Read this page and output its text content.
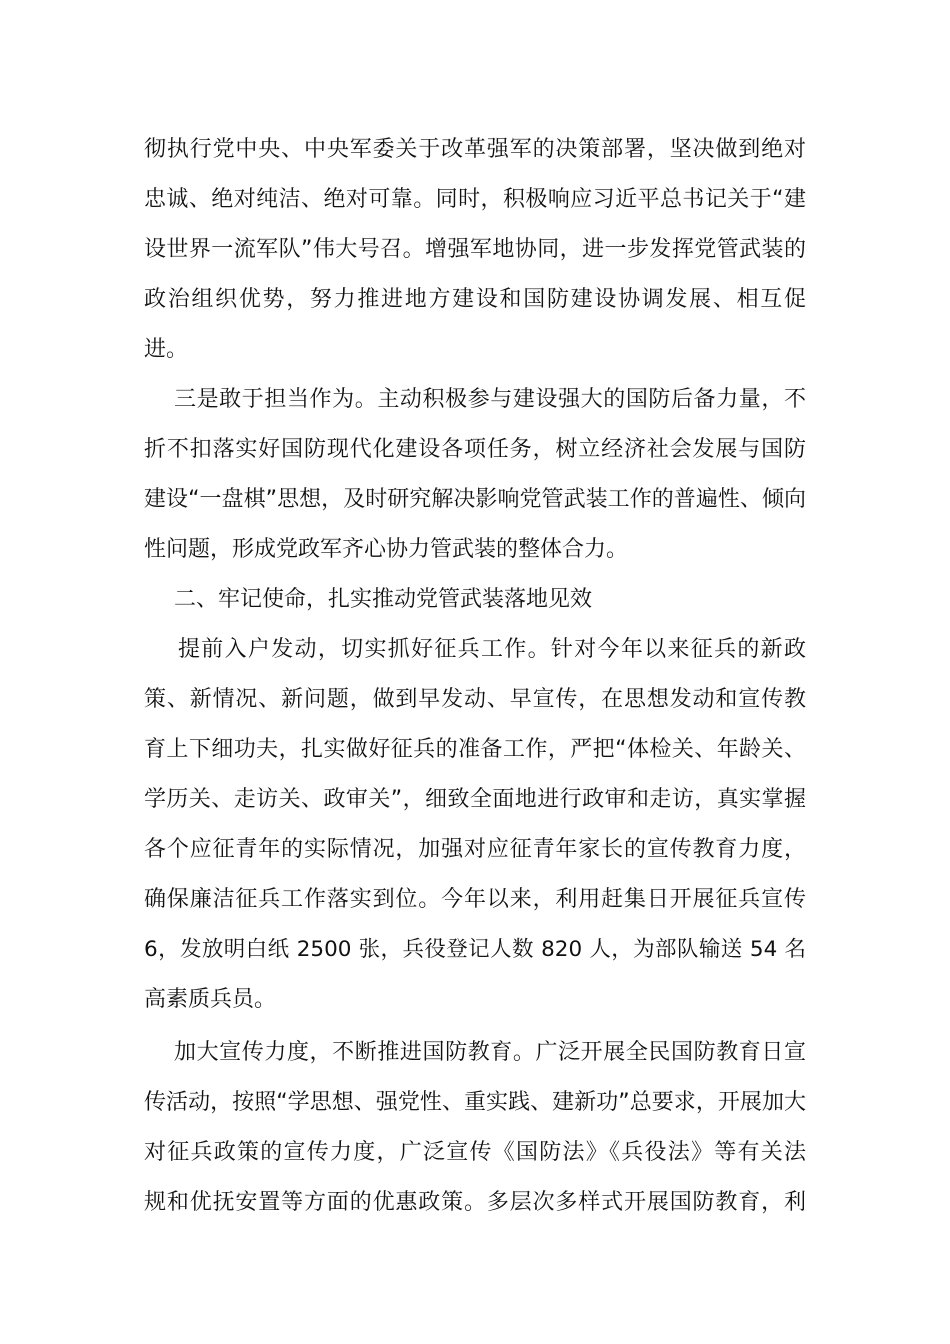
彻执行党中央、中央军委关于改革强军的决策部署，坚决做到绝对
忠诚、绝对纯洁、绝对可靠。同时，积极响应习近平总书记关于“建
设世界一流军队”伟大号召。增强军地协同，进一步发挥党管武装的
政治组织优势，努力推进地方建设和国防建设协调发展、相互促
进。
三是敢于担当作为。主动积极参与建设强大的国防后备力量，不
折不扣落实好国防现代化建设各项任务，树立经济社会发展与国防
建设“一盘棋”思想，及时研究解决影响党管武装工作的普遍性、倾向
性问题，形成党政军齐心协力管武装的整体合力。
二、牢记使命，扎实推动党管武装落地见效
提前入户发动，切实抓好征兵工作。针对今年以来征兵的新政
策、新情况、新问题，做到早发动、早宣传，在思想发动和宣传教
育上下细功夫，扎实做好征兵的准备工作，严把“体检关、年龄关、
学历关、走访关、政审关”，细致全面地进行政审和走访，真实掌握
各个应征青年的实际情况，加强对应征青年家长的宣传教育力度，
确保廉洁征兵工作落实到位。今年以来，利用赶集日开展征兵宣传
6，发放明白纸 2500 张，兵役登记人数 820 人，为部队输送 54 名
高素质兵员。
加大宣传力度，不断推进国防教育。广泛开展全民国防教育日宣
传活动，按照“学思想、强党性、重实践、建新功”总要求，开展加大
对征兵政策的宣传力度，广泛宣传《国防法》《兵役法》等有关法
规和优抚安置等方面的优惠政策。多层次多样式开展国防教育，利
